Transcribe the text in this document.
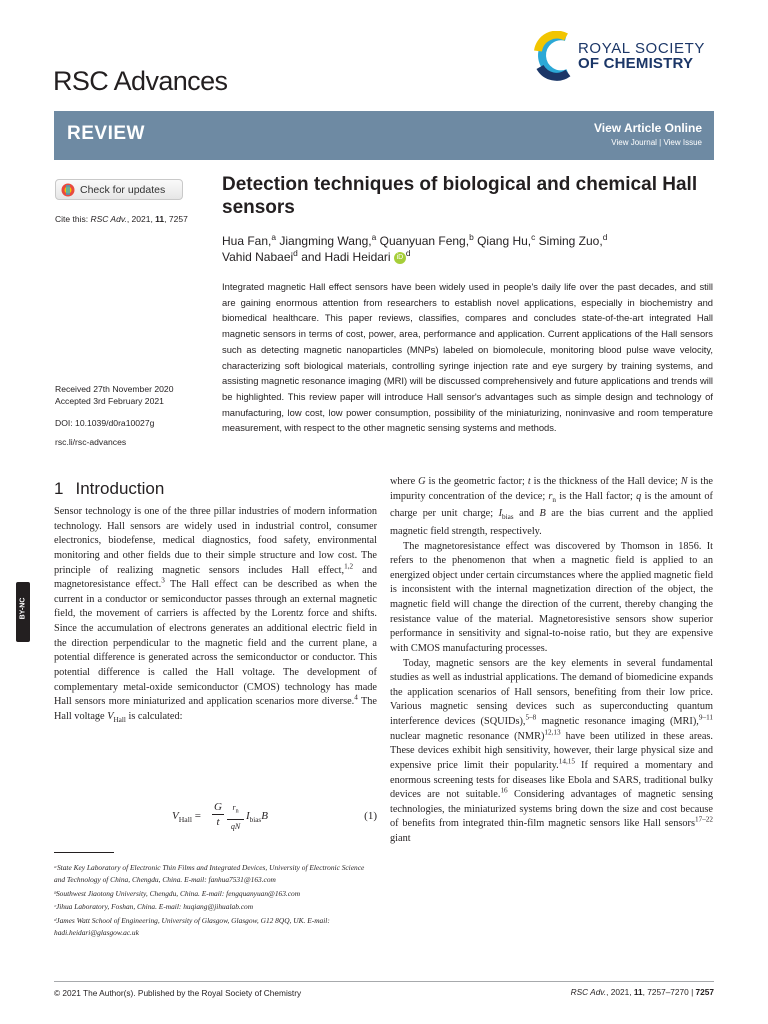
RSC Advances
ROYAL SOCIETY
OF CHEMISTRY
REVIEW	View Article Online
View Journal | View Issue
Check for updates
Cite this: RSC Adv., 2021, 11, 7257
Received 27th November 2020
Accepted 3rd February 2021
DOI: 10.1039/d0ra10027g
rsc.li/rsc-advances
BY-NC
Detection techniques of biological and chemical Hall sensors
Hua Fan,$^a$ Jiangming Wang,$^a$ Quanyuan Feng,$^b$ Qiang Hu,$^c$ Siming Zuo,$^d$
Vahid Nabaei$^d$ and Hadi Heidari iD $^d$
Integrated magnetic Hall effect sensors have been widely used in people's daily life over the past decades, and still are gaining enormous attention from researchers to establish novel applications, especially in biochemistry and biomedical healthcare. This paper reviews, classifies, compares and concludes state-of-the-art integrated Hall magnetic sensors in terms of cost, power, area, performance and application. Current applications of the Hall sensors such as detecting magnetic nanoparticles (MNPs) labeled on biomolecule, monitoring blood pulse wave velocity, characterizing soft biological materials, controlling syringe injection rate and eye surgery by training systems, and assisting magnetic resonance imaging (MRI) will be discussed comprehensively and future applications and trends will be highlighted. This review paper will introduce Hall sensor's advantages such as simple design and technology of manufacturing, low cost, low power consumption, possibility of the miniaturizing, noninvasive and room temperature measurement, with respect to the other magnetic sensing systems and methods.
1 Introduction

Sensor technology is one of the three pillar industries of modern information technology. Hall sensors are widely used in industrial control, consumer electronics, biodefense, medical diagnostics, food safety, environmental monitoring and other fields due to their simple structure and low cost. The principle of realizing magnetic sensors includes Hall effect,$^{1,2}$ and magnetoresistance effect.$^3$ The Hall effect can be described as when the current in a conductor or semiconductor passes through an external magnetic field, the movement of carriers is affected by the Lorentz force and shifts. Since the accumulation of electrons generates an additional electric field in the direction perpendicular to the magnetic field and the current plane, a potential difference is generated across the semiconductor or conductor. This potential difference is called the Hall voltage. The development of complementary metal-oxide semiconductor (CMOS) technology has made Hall sensors more miniaturized and application scenarios more diverse.$^4$ The Hall voltage $V_{Hall}$ is calculated:

$V_{Hall} = \frac{G}{t} \frac{r_n}{qN} I_{bias}B$	(1)

ᵃState Key Laboratory of Electronic Thin Films and Integrated Devices, University of Electronic Science and Technology of China, Chengdu, China. E-mail: fanhua7531@163.com

ᵇSouthwest Jiaotong University, Chengdu, China. E-mail: fengquanyuan@163.com

ᶜJihua Laboratory, Foshan, China. E-mail: huqiang@jihualab.com

ᵈJames Watt School of Engineering, University of Glasgow, Glasgow, G12 8QQ, UK. E-mail: hadi.heidari@glasgow.ac.uk

where G is the geometric factor; t is the thickness of the Hall device; N is the impurity concentration of the device; $r_n$ is the Hall factor; q is the amount of charge per unit charge; $I_{bias}$ and B are the bias current and the applied magnetic field strength, respectively.

The magnetoresistance effect was discovered by Thomson in 1856. It refers to the phenomenon that when a magnetic field is applied to an energized object under certain circumstances where the applied magnetic field is inconsistent with the internal magnetization direction of the object, the magnetic field will change the direction of the current, thereby changing the resistance value of the material. Magnetoresistive sensors show superior performance in sensitivity and signal-to-noise ratio, but they are expensive with CMOS manufacturing processes.

Today, magnetic sensors are the key elements in several fundamental studies as well as industrial applications. The demand of biomedicine expands the application scenarios of Hall sensors, benefiting from their low price. Various magnetic sensing devices such as superconducting quantum interference devices (SQUIDs),$^{5-8}$ magnetic resonance imaging (MRI),$^{9-11}$ nuclear magnetic resonance (NMR)$^{12,13}$ have been utilized in these areas. These devices exhibit high sensitivity, however, their large physical size and expensive price limit their popularity.$^{14,15}$ If required a momentary and enormous screening tests for diseases like Ebola and SARS, traditional bulky devices are not suitable.$^{16}$ Considering advantages of magnetic sensing technologies, the miniaturized systems bring down the size and cost because of benefits from integrated thin-film magnetic sensors like Hall sensors$^{17-22}$ giant

© 2021 The Author(s). Published by the Royal Society of Chemistry	RSC Adv., 2021, 11, 7257–7270 | 7257
